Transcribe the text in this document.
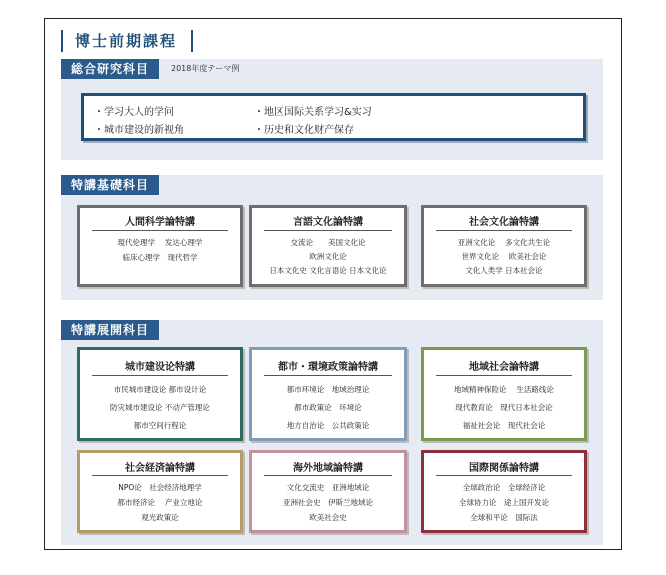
博士前期課程
総合研究科目	2018年度テーマ例
・学习大人的学问
・城市建设的新视角
・地区国际关系学习&实习
・历史和文化财产保存
特講基礎科目
人間科学論特講
現代伦理学　 发达心理学
临床心理学　现代哲学
言語文化論特講
交流论　　美国文化论
欧洲文化论
日本文化史 文化言语论 日本文化论
社会文化論特講
亚洲文化论　 多文化共生论
世界文化论　 欧美社会论
文化人类学 日本社会论
特講展開科目
城市建设论特講
市民城市建设论 都市设计论
防灾城市建设论 不动产管理论
都市空间行程论
都市・環境政策論特講
都市环境论　地域治理论
都市政策论　环境论
地方自治论　公共政策论
地域社会論特講
地域精神保险论　 生活路线论
现代教育论　现代日本社会论
福祉社会论　现代社会论
社会経済論特講
NPO论　社会经济地理学
都市经济论　 产业立地论
观光政策论
海外地域論特講
文化交流史　亚洲地域论
亚洲社会史　伊斯兰地域论
欧美社会史
国際関係論特講
全球政治论　全球经济论
全球协力论　途上国开发论
全球和平论　国际法
